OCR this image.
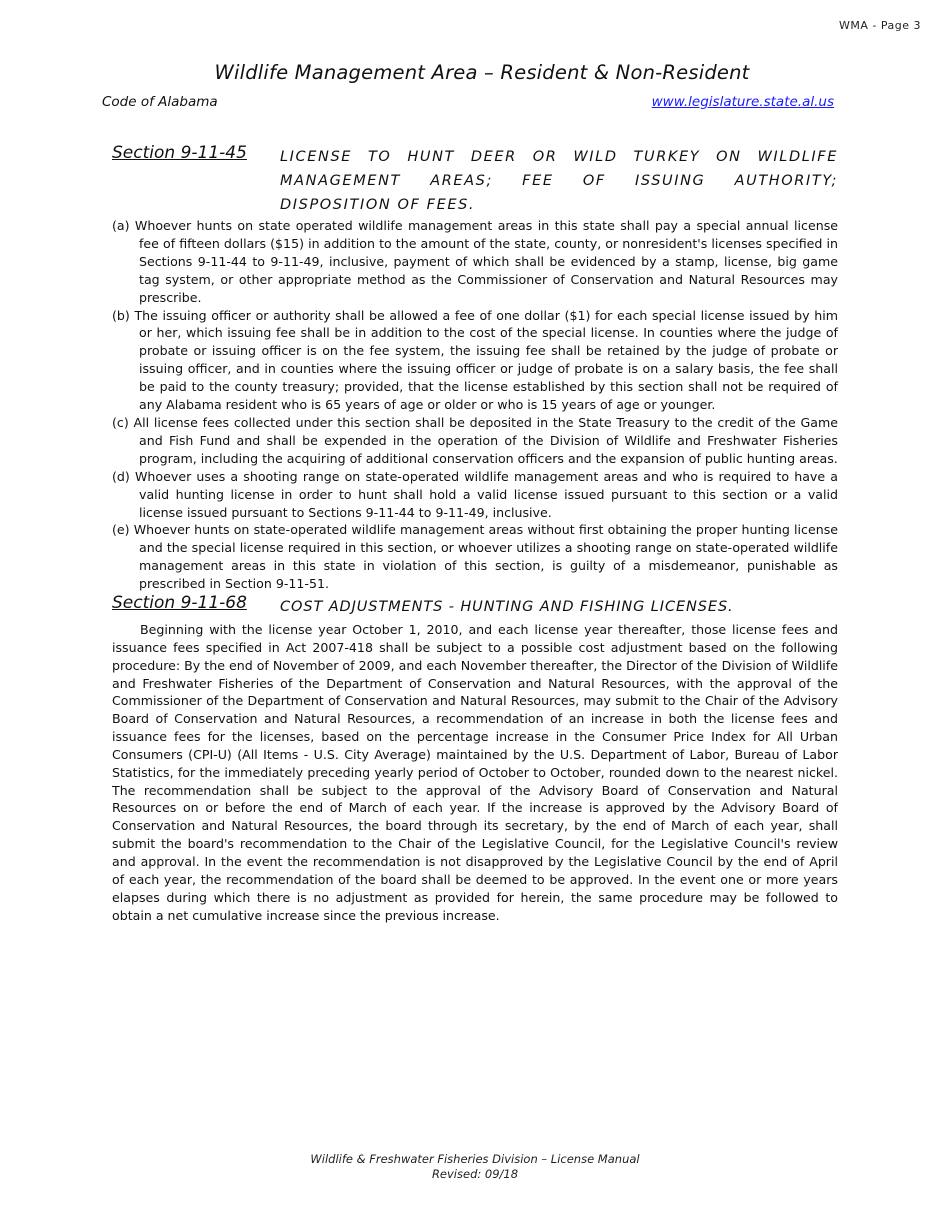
WMA - Page 3
Wildlife Management Area – Resident & Non-Resident
Code of Alabama	www.legislature.state.al.us
Section 9-11-45 LICENSE TO HUNT DEER OR WILD TURKEY ON WILDLIFE MANAGEMENT AREAS; FEE OF ISSUING AUTHORITY; DISPOSITION OF FEES.

(a) Whoever hunts on state operated wildlife management areas in this state shall pay a special annual license fee of fifteen dollars ($15) in addition to the amount of the state, county, or nonresident's licenses specified in Sections 9-11-44 to 9-11-49, inclusive, payment of which shall be evidenced by a stamp, license, big game tag system, or other appropriate method as the Commissioner of Conservation and Natural Resources may prescribe.

(b) The issuing officer or authority shall be allowed a fee of one dollar ($1) for each special license issued by him or her, which issuing fee shall be in addition to the cost of the special license. In counties where the judge of probate or issuing officer is on the fee system, the issuing fee shall be retained by the judge of probate or issuing officer, and in counties where the issuing officer or judge of probate is on a salary basis, the fee shall be paid to the county treasury; provided, that the license established by this section shall not be required of any Alabama resident who is 65 years of age or older or who is 15 years of age or younger.

(c) All license fees collected under this section shall be deposited in the State Treasury to the credit of the Game and Fish Fund and shall be expended in the operation of the Division of Wildlife and Freshwater Fisheries program, including the acquiring of additional conservation officers and the expansion of public hunting areas.

(d) Whoever uses a shooting range on state-operated wildlife management areas and who is required to have a valid hunting license in order to hunt shall hold a valid license issued pursuant to this section or a valid license issued pursuant to Sections 9-11-44 to 9-11-49, inclusive.

(e) Whoever hunts on state-operated wildlife management areas without first obtaining the proper hunting license and the special license required in this section, or whoever utilizes a shooting range on state-operated wildlife management areas in this state in violation of this section, is guilty of a misdemeanor, punishable as prescribed in Section 9-11-51.

Section 9-11-68 COST ADJUSTMENTS - HUNTING AND FISHING LICENSES.

Beginning with the license year October 1, 2010, and each license year thereafter, those license fees and issuance fees specified in Act 2007-418 shall be subject to a possible cost adjustment based on the following procedure: By the end of November of 2009, and each November thereafter, the Director of the Division of Wildlife and Freshwater Fisheries of the Department of Conservation and Natural Resources, with the approval of the Commissioner of the Department of Conservation and Natural Resources, may submit to the Chair of the Advisory Board of Conservation and Natural Resources, a recommendation of an increase in both the license fees and issuance fees for the licenses, based on the percentage increase in the Consumer Price Index for All Urban Consumers (CPI-U) (All Items - U.S. City Average) maintained by the U.S. Department of Labor, Bureau of Labor Statistics, for the immediately preceding yearly period of October to October, rounded down to the nearest nickel. The recommendation shall be subject to the approval of the Advisory Board of Conservation and Natural Resources on or before the end of March of each year. If the increase is approved by the Advisory Board of Conservation and Natural Resources, the board through its secretary, by the end of March of each year, shall submit the board's recommendation to the Chair of the Legislative Council, for the Legislative Council's review and approval. In the event the recommendation is not disapproved by the Legislative Council by the end of April of each year, the recommendation of the board shall be deemed to be approved. In the event one or more years elapses during which there is no adjustment as provided for herein, the same procedure may be followed to obtain a net cumulative increase since the previous increase.

Wildlife & Freshwater Fisheries Division – License Manual
Revised: 09/18
